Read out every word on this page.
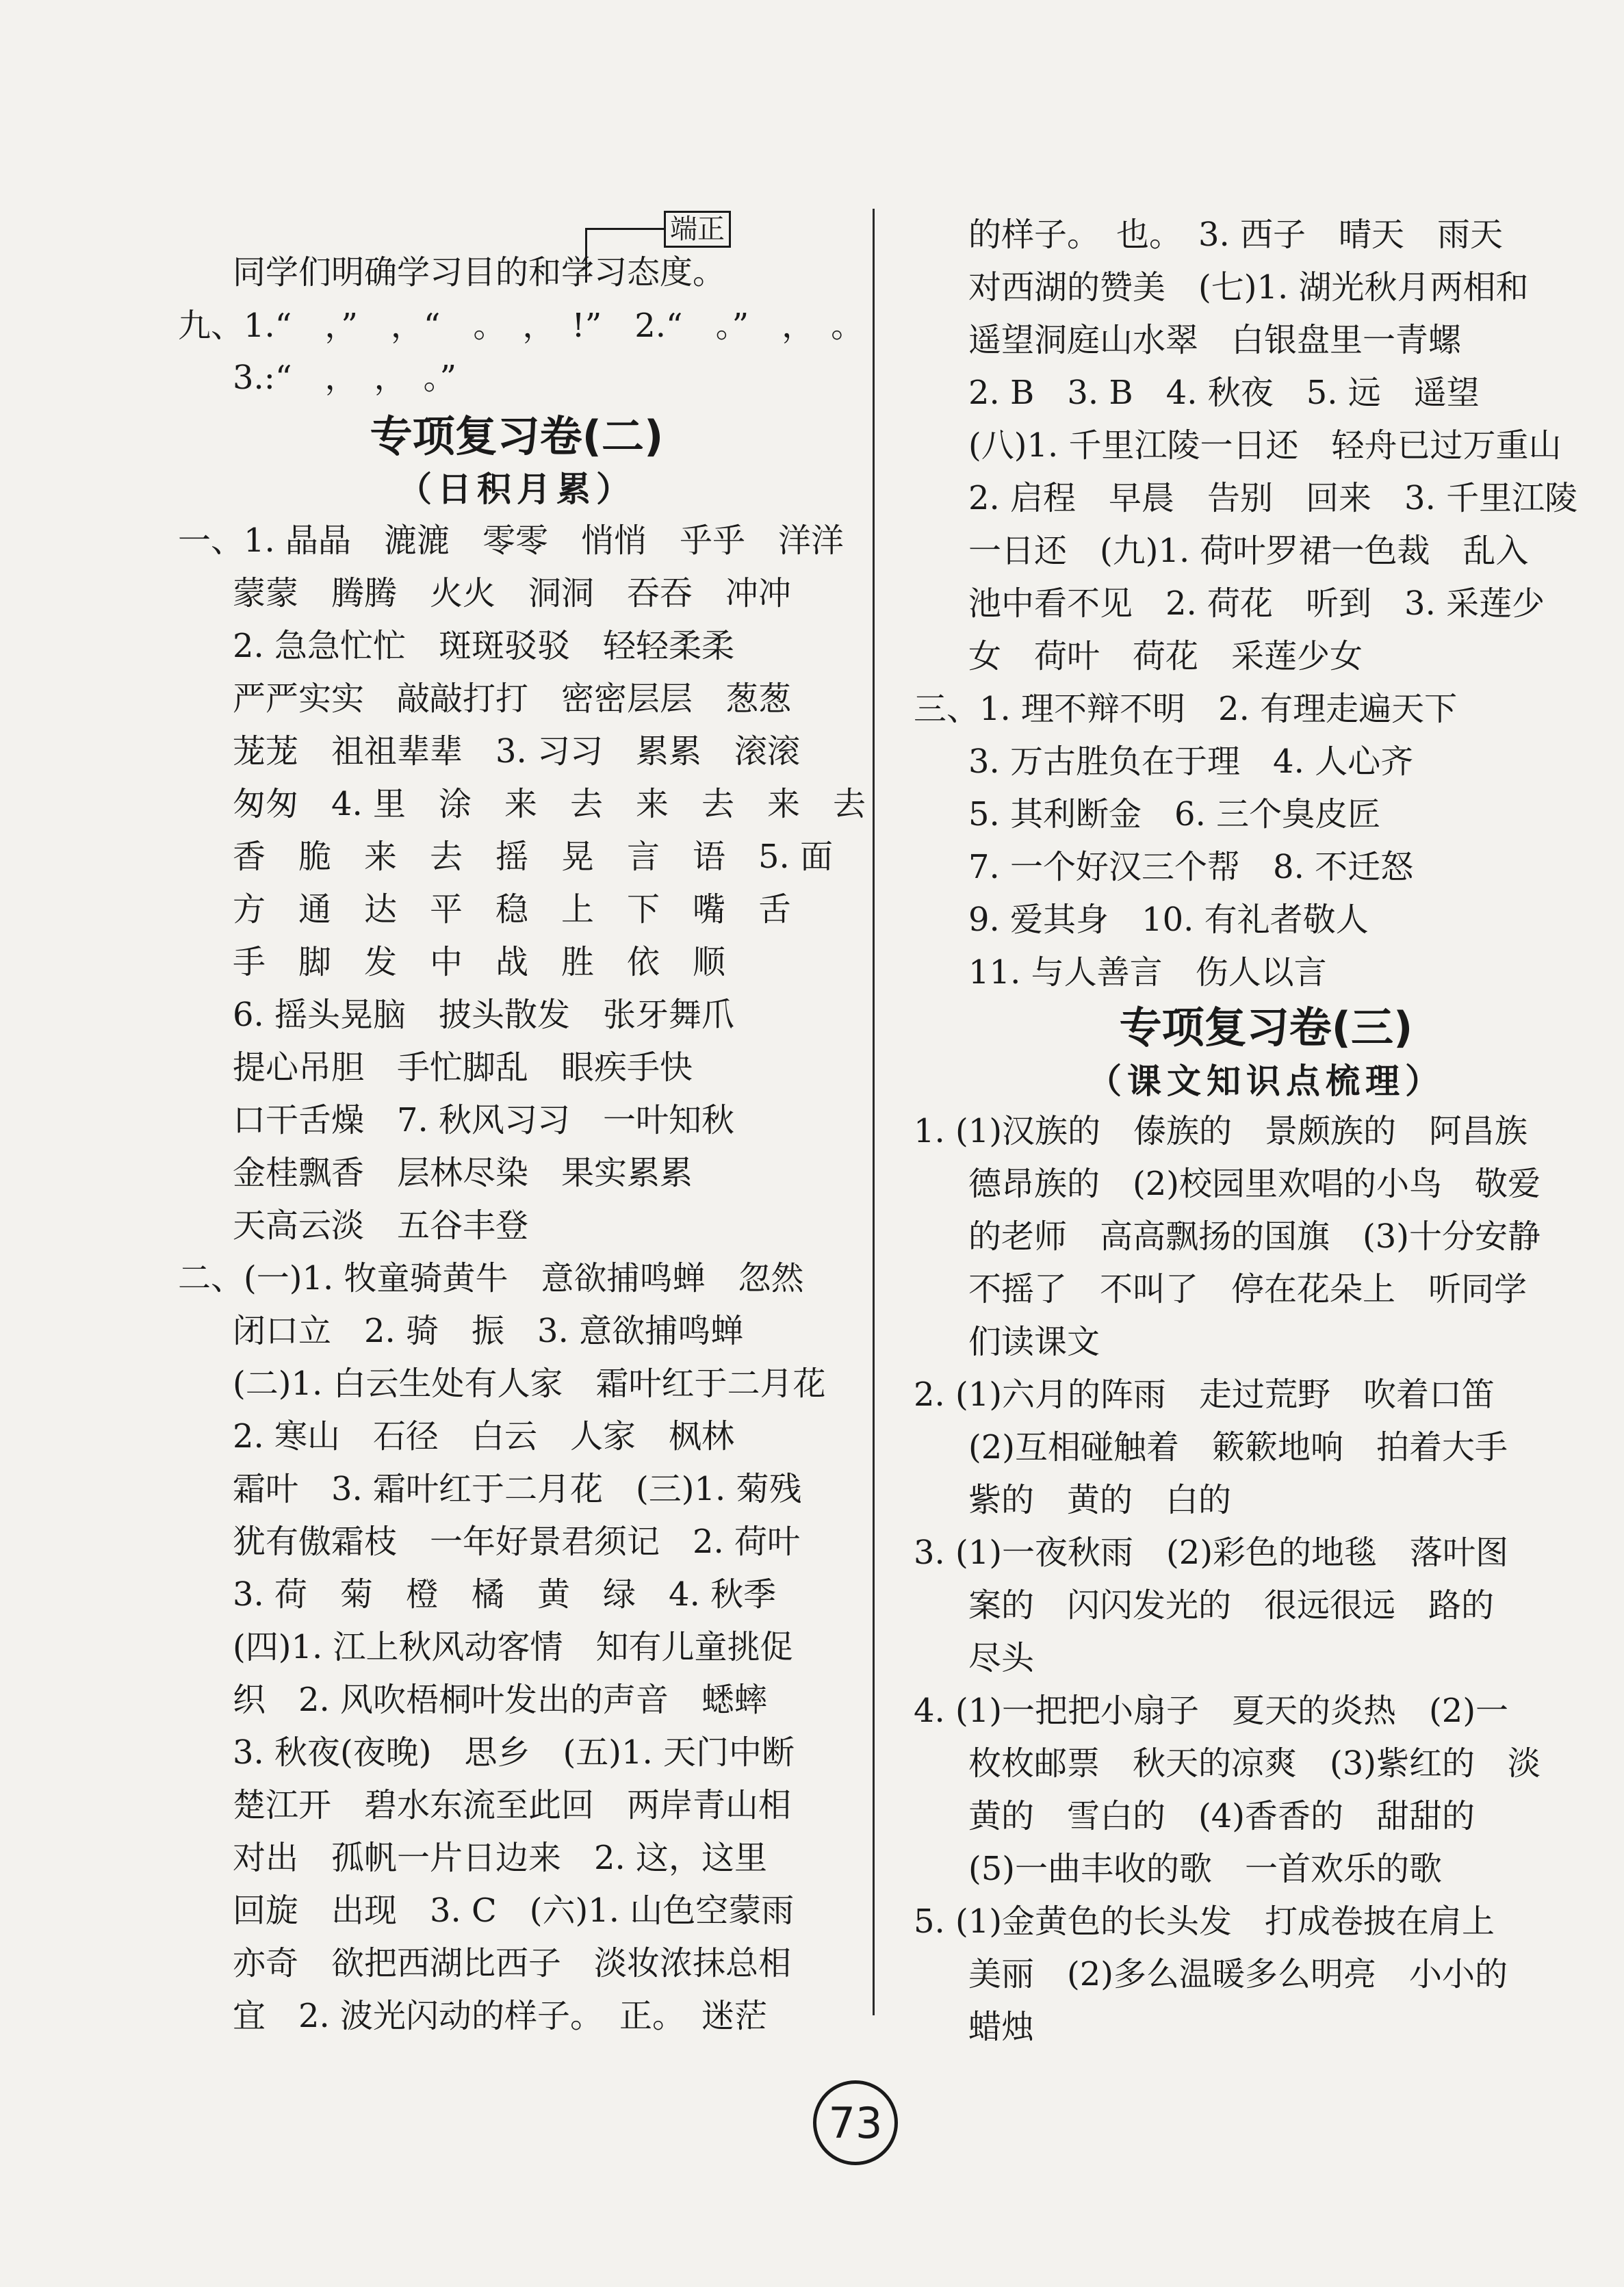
端正
同学们明确学习目的和学习态度。
九、1.“　，”　，“　。　，　!”　2.“　。”　，　。
3.:“　，　，　。”
专项复习卷(二)
（日积月累）
一、1. 晶晶　漉漉　零零　悄悄　乎乎　洋洋
蒙蒙　腾腾　火火　洞洞　吞吞　冲冲
2. 急急忙忙　斑斑驳驳　轻轻柔柔
严严实实　敲敲打打　密密层层　葱葱
茏茏　祖祖辈辈　3. 习习　累累　滚滚
匆匆　4. 里　涂　来　去　来　去　来　去
香　脆　来　去　摇　晃　言　语　5. 面
方　通　达　平　稳　上　下　嘴　舌
手　脚　发　中　战　胜　依　顺
6. 摇头晃脑　披头散发　张牙舞爪
提心吊胆　手忙脚乱　眼疾手快
口干舌燥　7. 秋风习习　一叶知秋
金桂飘香　层林尽染　果实累累
天高云淡　五谷丰登
二、(一)1. 牧童骑黄牛　意欲捕鸣蝉　忽然
闭口立　2. 骑　振　3. 意欲捕鸣蝉
(二)1. 白云生处有人家　霜叶红于二月花
2. 寒山　石径　白云　人家　枫林
霜叶　3. 霜叶红于二月花　(三)1. 菊残
犹有傲霜枝　一年好景君须记　2. 荷叶
3. 荷　菊　橙　橘　黄　绿　4. 秋季
(四)1. 江上秋风动客情　知有儿童挑促
织　2. 风吹梧桐叶发出的声音　蟋蟀
3. 秋夜(夜晚)　思乡　(五)1. 天门中断
楚江开　碧水东流至此回　两岸青山相
对出　孤帆一片日边来　2. 这，这里
回旋　出现　3. C　(六)1. 山色空蒙雨
亦奇　欲把西湖比西子　淡妆浓抹总相
宜　2. 波光闪动的样子。　正。　迷茫
的样子。　也。　3. 西子　晴天　雨天
对西湖的赞美　(七)1. 湖光秋月两相和
遥望洞庭山水翠　白银盘里一青螺
2. B　3. B　4. 秋夜　5. 远　遥望
(八)1. 千里江陵一日还　轻舟已过万重山
2. 启程　早晨　告别　回来　3. 千里江陵
一日还　(九)1. 荷叶罗裙一色裁　乱入
池中看不见　2. 荷花　听到　3. 采莲少
女　荷叶　荷花　采莲少女
三、1. 理不辩不明　2. 有理走遍天下
3. 万古胜负在于理　4. 人心齐
5. 其利断金　6. 三个臭皮匠
7. 一个好汉三个帮　8. 不迁怒
9. 爱其身　10. 有礼者敬人
11. 与人善言　伤人以言
专项复习卷(三)
（课文知识点梳理）
1. (1)汉族的　傣族的　景颇族的　阿昌族
德昂族的　(2)校园里欢唱的小鸟　敬爱
的老师　高高飘扬的国旗　(3)十分安静
不摇了　不叫了　停在花朵上　听同学
们读课文
2. (1)六月的阵雨　走过荒野　吹着口笛
(2)互相碰触着　簌簌地响　拍着大手
紫的　黄的　白的
3. (1)一夜秋雨　(2)彩色的地毯　落叶图
案的　闪闪发光的　很远很远　路的
尽头
4. (1)一把把小扇子　夏天的炎热　(2)一
枚枚邮票　秋天的凉爽　(3)紫红的　淡
黄的　雪白的　(4)香香的　甜甜的
(5)一曲丰收的歌　一首欢乐的歌
5. (1)金黄色的长头发　打成卷披在肩上
美丽　(2)多么温暖多么明亮　小小的
蜡烛
73
